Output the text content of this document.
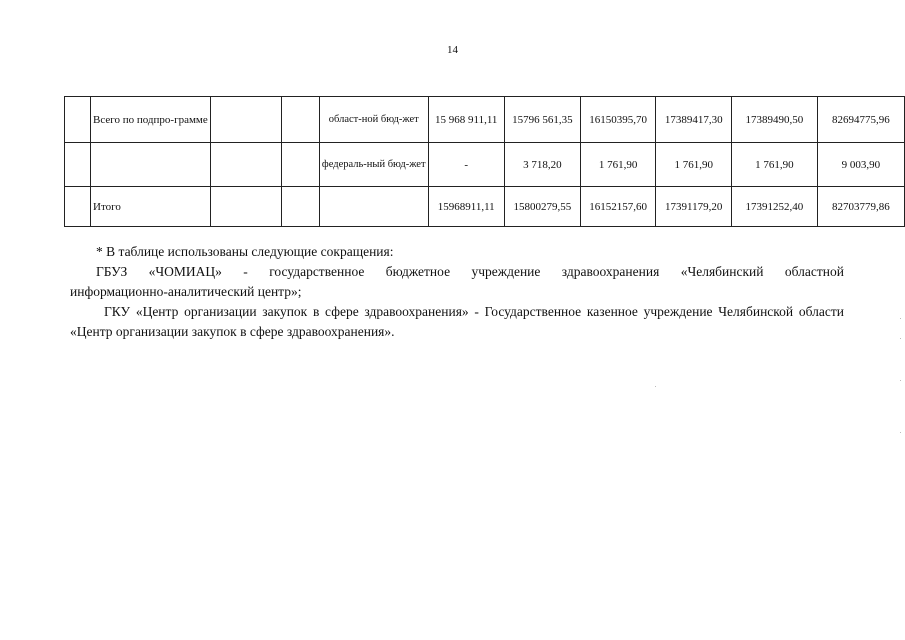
14
	Всего по подпро-грамме			област-ной бюд-жет	15 968 911,11	15796 561,35	16150395,70	17389417,30	17389490,50	82694775,96
				федераль-ный бюд-жет	-	3 718,20	1 761,90	1 761,90	1 761,90	9 003,90
	Итого				15968911,11	15800279,55	16152157,60	17391179,20	17391252,40	82703779,86

* В таблице использованы следующие сокращения:

ГБУЗ «ЧОМИАЦ» - государственное бюджетное учреждение здравоохранения «Челябинский областной

информационно-аналитический центр»;

ГКУ «Центр организации закупок в сфере здравоохранения» - Государственное казенное учреждение Челябинской области «Центр организации закупок в сфере здравоохранения».
